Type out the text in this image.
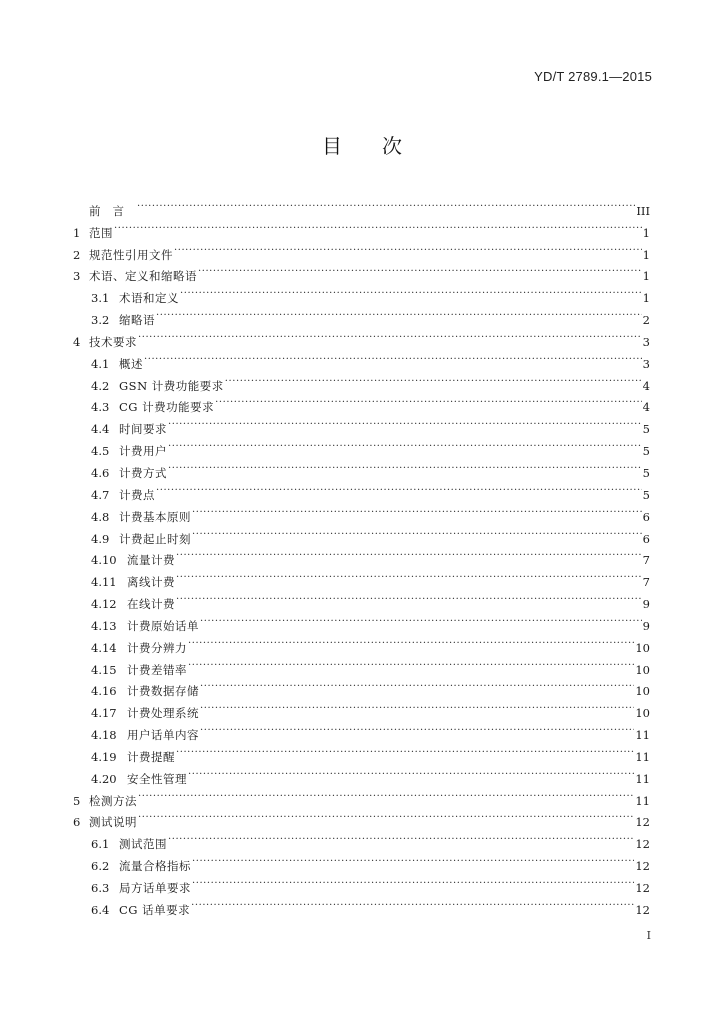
YD/T 2789.1—2015
目次
前言 ·····	III
1 范围 ·····	1
2 规范性引用文件 ·····	1
3 术语、定义和缩略语 ·····	1
3.1 术语和定义 ·····	1
3.2 缩略语 ·····	2
4 技术要求 ·····	3
4.1 概述 ·····	3
4.2 GSN 计费功能要求 ·····	4
4.3 CG 计费功能要求 ·····	4
4.4 时间要求 ·····	5
4.5 计费用户 ·····	5
4.6 计费方式 ·····	5
4.7 计费点 ·····	5
4.8 计费基本原则 ·····	6
4.9 计费起止时刻 ·····	6
4.10 流量计费 ·····	7
4.11 离线计费 ·····	7
4.12 在线计费 ·····	9
4.13 计费原始话单 ·····	9
4.14 计费分辨力 ·····	10
4.15 计费差错率 ·····	10
4.16 计费数据存储 ·····	10
4.17 计费处理系统 ·····	10
4.18 用户话单内容 ·····	11
4.19 计费提醒 ·····	11
4.20 安全性管理 ·····	11
5 检测方法 ·····	11
6 测试说明 ·····	12
6.1 测试范围 ·····	12
6.2 流量合格指标 ·····	12
6.3 局方话单要求 ·····	12
6.4 CG 话单要求 ·····	12
I
